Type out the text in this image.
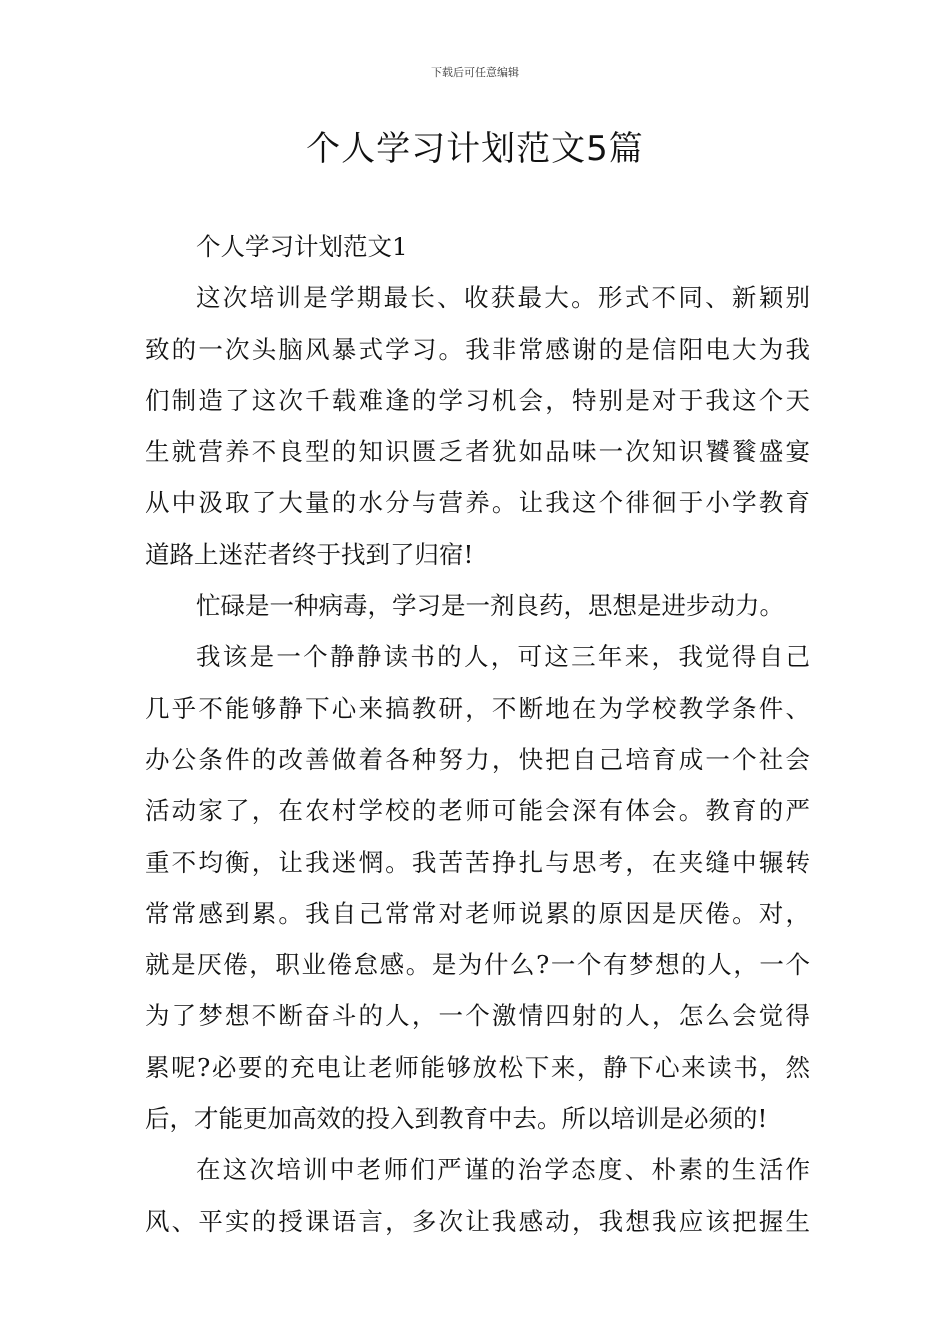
下载后可任意编辑
个人学习计划范文5篇
个人学习计划范文1
这次培训是学期最长、收获最大。形式不同、新颖别
致的一次头脑风暴式学习。我非常感谢的是信阳电大为我
们制造了这次千载难逢的学习机会，特别是对于我这个天
生就营养不良型的知识匮乏者犹如品味一次知识饕餮盛宴
从中汲取了大量的水分与营养。让我这个徘徊于小学教育
道路上迷茫者终于找到了归宿!
忙碌是一种病毒，学习是一剂良药，思想是进步动力。
我该是一个静静读书的人，可这三年来，我觉得自己
几乎不能够静下心来搞教研，不断地在为学校教学条件、
办公条件的改善做着各种努力，快把自己培育成一个社会
活动家了，在农村学校的老师可能会深有体会。教育的严
重不均衡，让我迷惘。我苦苦挣扎与思考，在夹缝中辗转
常常感到累。我自己常常对老师说累的原因是厌倦。对，
就是厌倦，职业倦怠感。是为什么?一个有梦想的人，一个
为了梦想不断奋斗的人，一个激情四射的人，怎么会觉得
累呢?必要的充电让老师能够放松下来，静下心来读书，然
后，才能更加高效的投入到教育中去。所以培训是必须的!
在这次培训中老师们严谨的治学态度、朴素的生活作
风、平实的授课语言，多次让我感动，我想我应该把握生
